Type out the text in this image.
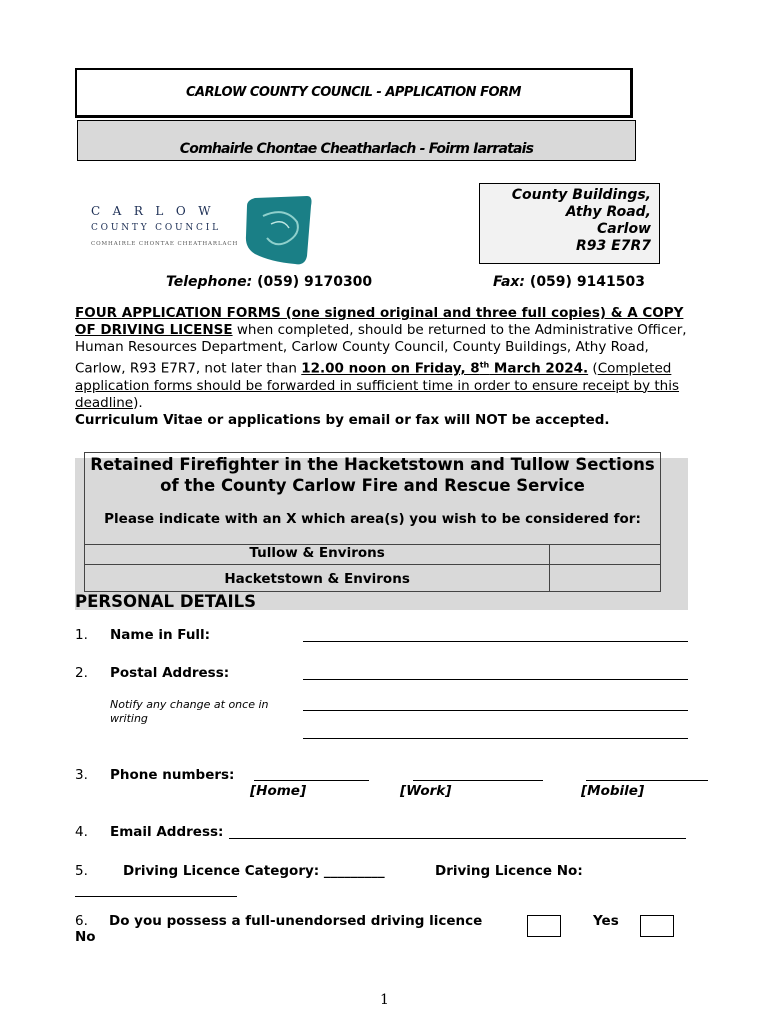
CARLOW COUNTY COUNCIL - APPLICATION FORM
Comhairle Chontae Cheatharlach - Foirm Iarratais
CARLOW
COUNTY COUNCIL
COMHAIRLE CHONTAE CHEATHARLACH
County Buildings,
Athy Road,
Carlow
R93 E7R7
Telephone: (059) 9170300	Fax: (059) 9141503
FOUR APPLICATION FORMS (one signed original and three full copies) & A COPY OF DRIVING LICENSE when completed, should be returned to the Administrative Officer, Human Resources Department, Carlow County Council, County Buildings, Athy Road, Carlow, R93 E7R7, not later than 12.00 noon on Friday, 8th March 2024. (Completed application forms should be forwarded in sufficient time in order to ensure receipt by this deadline).
Curriculum Vitae or applications by email or fax will NOT be accepted.
Retained Firefighter in the Hacketstown and Tullow Sections of the County Carlow Fire and Rescue Service
Please indicate with an X which area(s) you wish to be considered for:
Tullow & Environs	
Hacketstown & Environs	
PERSONAL DETAILS
1. Name in Full:
2. Postal Address:
Notify any change at once in writing
3. Phone numbers:
[Home]	[Work]	[Mobile]
4. Email Address:
5.	Driving Licence Category: _________	Driving Licence No:
6. Do you possess a full-unendorsed driving licence
No
Yes
1
